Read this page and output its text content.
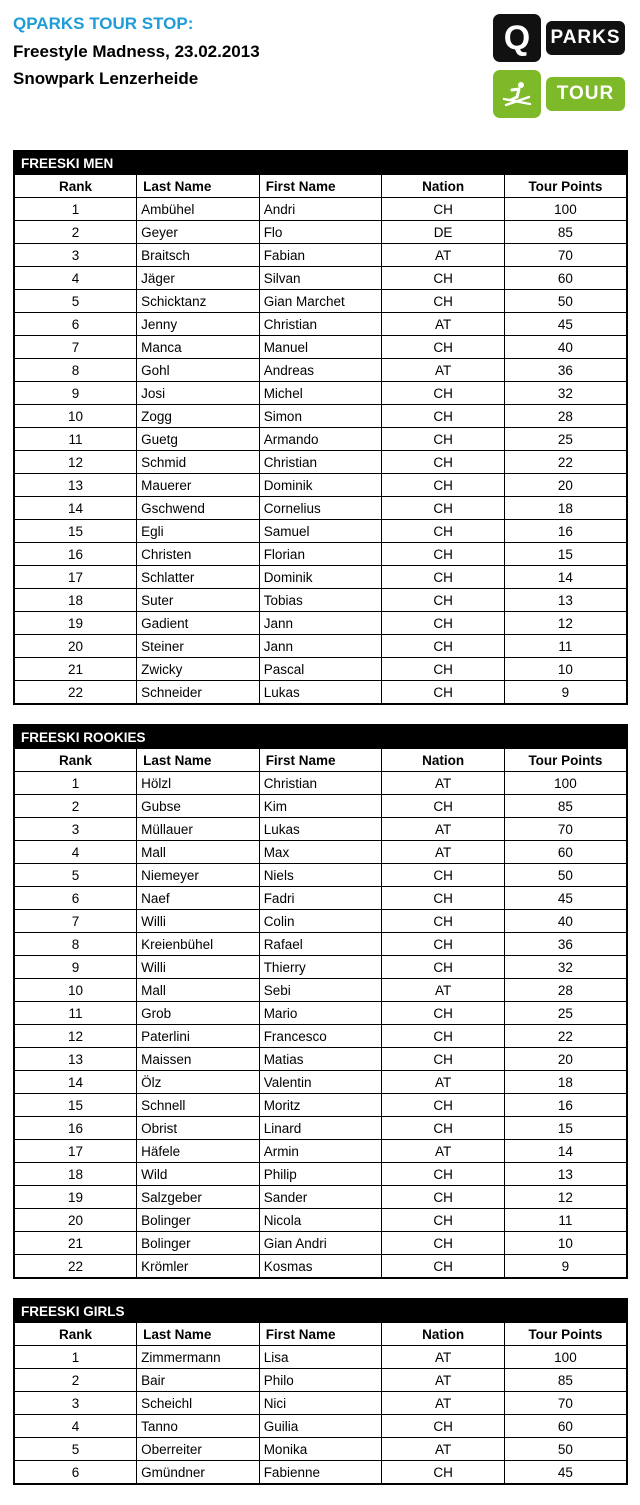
QPARKS TOUR STOP:
Freestyle Madness, 23.02.2013
Snowpark Lenzerheide
Q PARKS
TOUR
FREESKI MEN				
Rank	Last Name	First Name	Nation	Tour Points
1	Ambühel	Andri	CH	100
2	Geyer	Flo	DE	85
3	Braitsch	Fabian	AT	70
4	Jäger	Silvan	CH	60
5	Schicktanz	Gian Marchet	CH	50
6	Jenny	Christian	AT	45
7	Manca	Manuel	CH	40
8	Gohl	Andreas	AT	36
9	Josi	Michel	CH	32
10	Zogg	Simon	CH	28
11	Guetg	Armando	CH	25
12	Schmid	Christian	CH	22
13	Mauerer	Dominik	CH	20
14	Gschwend	Cornelius	CH	18
15	Egli	Samuel	CH	16
16	Christen	Florian	CH	15
17	Schlatter	Dominik	CH	14
18	Suter	Tobias	CH	13
19	Gadient	Jann	CH	12
20	Steiner	Jann	CH	11
21	Zwicky	Pascal	CH	10
22	Schneider	Lukas	CH	9
FREESKI ROOKIES				
Rank	Last Name	First Name	Nation	Tour Points
1	Hölzl	Christian	AT	100
2	Gubse	Kim	CH	85
3	Müllauer	Lukas	AT	70
4	Mall	Max	AT	60
5	Niemeyer	Niels	CH	50
6	Naef	Fadri	CH	45
7	Willi	Colin	CH	40
8	Kreienbühel	Rafael	CH	36
9	Willi	Thierry	CH	32
10	Mall	Sebi	AT	28
11	Grob	Mario	CH	25
12	Paterlini	Francesco	CH	22
13	Maissen	Matias	CH	20
14	Ölz	Valentin	AT	18
15	Schnell	Moritz	CH	16
16	Obrist	Linard	CH	15
17	Häfele	Armin	AT	14
18	Wild	Philip	CH	13
19	Salzgeber	Sander	CH	12
20	Bolinger	Nicola	CH	11
21	Bolinger	Gian Andri	CH	10
22	Krömler	Kosmas	CH	9
FREESKI GIRLS				
Rank	Last Name	First Name	Nation	Tour Points
1	Zimmermann	Lisa	AT	100
2	Bair	Philo	AT	85
3	Scheichl	Nici	AT	70
4	Tanno	Guilia	CH	60
5	Oberreiter	Monika	AT	50
6	Gmündner	Fabienne	CH	45
